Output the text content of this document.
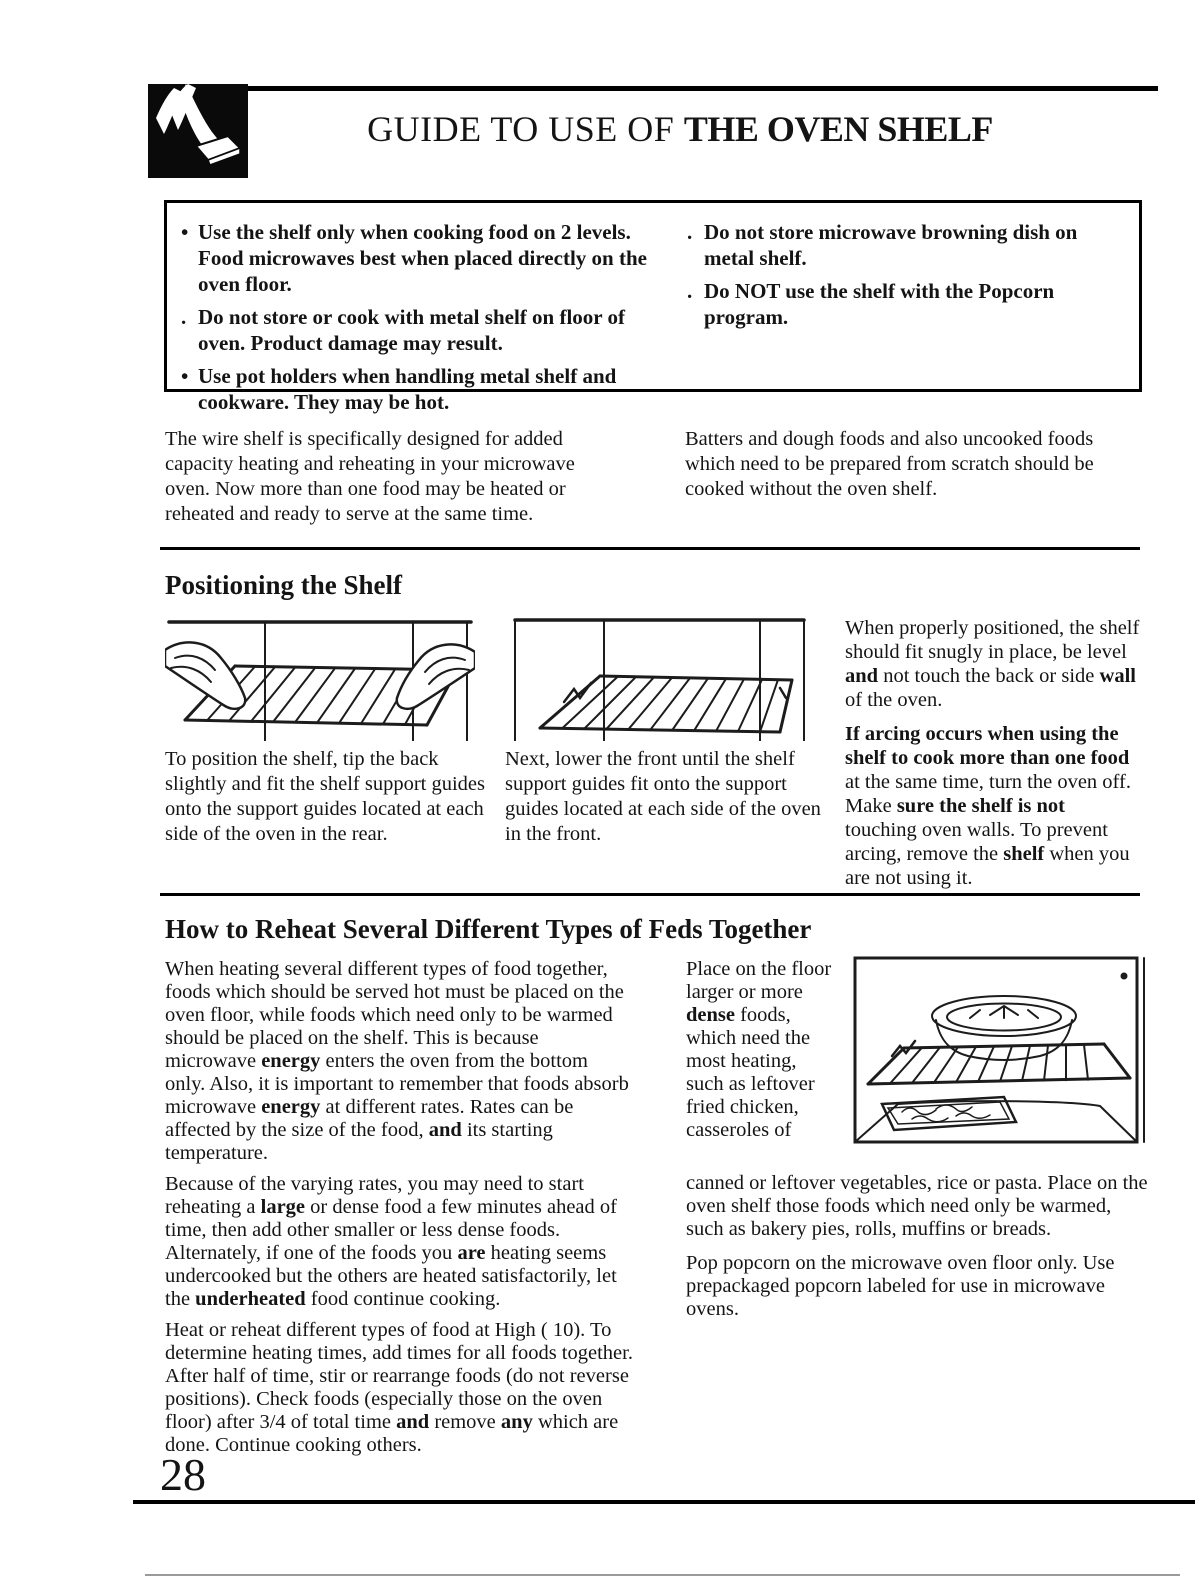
GUIDE TO USE OF THE OVEN SHELF
• Use the shelf only when cooking food on 2 levels. Food microwaves best when placed directly on the oven floor.
. Do not store or cook with metal shelf on floor of oven. Product damage may result.
• Use pot holders when handling metal shelf and cookware. They may be hot.
. Do not store microwave browning dish on metal shelf.
. Do NOT use the shelf with the Popcorn program.
The wire shelf is specifically designed for added capacity heating and reheating in your microwave oven. Now more than one food may be heated or reheated and ready to serve at the same time.
Batters and dough foods and also uncooked foods which need to be prepared from scratch should be cooked without the oven shelf.
Positioning the Shelf
To position the shelf, tip the back slightly and fit the shelf support guides onto the support guides located at each side of the oven in the rear.
Next, lower the front until the shelf support guides fit onto the support guides located at each side of the oven in the front.

When properly positioned, the shelf should fit snugly in place, be level and not touch the back or side wall of the oven.

If arcing occurs when using the shelf to cook more than one food at the same time, turn the oven off. Make sure the shelf is not touching oven walls. To prevent arcing, remove the shelf when you are not using it.

How to Reheat Several Different Types of Feds Together

When heating several different types of food together, foods which should be served hot must be placed on the oven floor, while foods which need only to be warmed should be placed on the shelf. This is because microwave energy enters the oven from the bottom only. Also, it is important to remember that foods absorb microwave energy at different rates. Rates can be affected by the size of the food, and its starting temperature.

Because of the varying rates, you may need to start reheating a large or dense food a few minutes ahead of time, then add other smaller or less dense foods. Alternately, if one of the foods you are heating seems undercooked but the others are heated satisfactorily, let the underheated food continue cooking.

Heat or reheat different types of food at High ( 10). To determine heating times, add times for all foods together. After half of time, stir or rearrange foods (do not reverse positions). Check foods (especially those on the oven floor) after 3/4 of total time and remove any which are done. Continue cooking others.

Place on the floor larger or more dense foods, which need the most heating, such as leftover fried chicken, casseroles of
canned or leftover vegetables, rice or pasta. Place on the oven shelf those foods which need only be warmed, such as bakery pies, rolls, muffins or breads.
Pop popcorn on the microwave oven floor only. Use prepackaged popcorn labeled for use in microwave ovens.
28
